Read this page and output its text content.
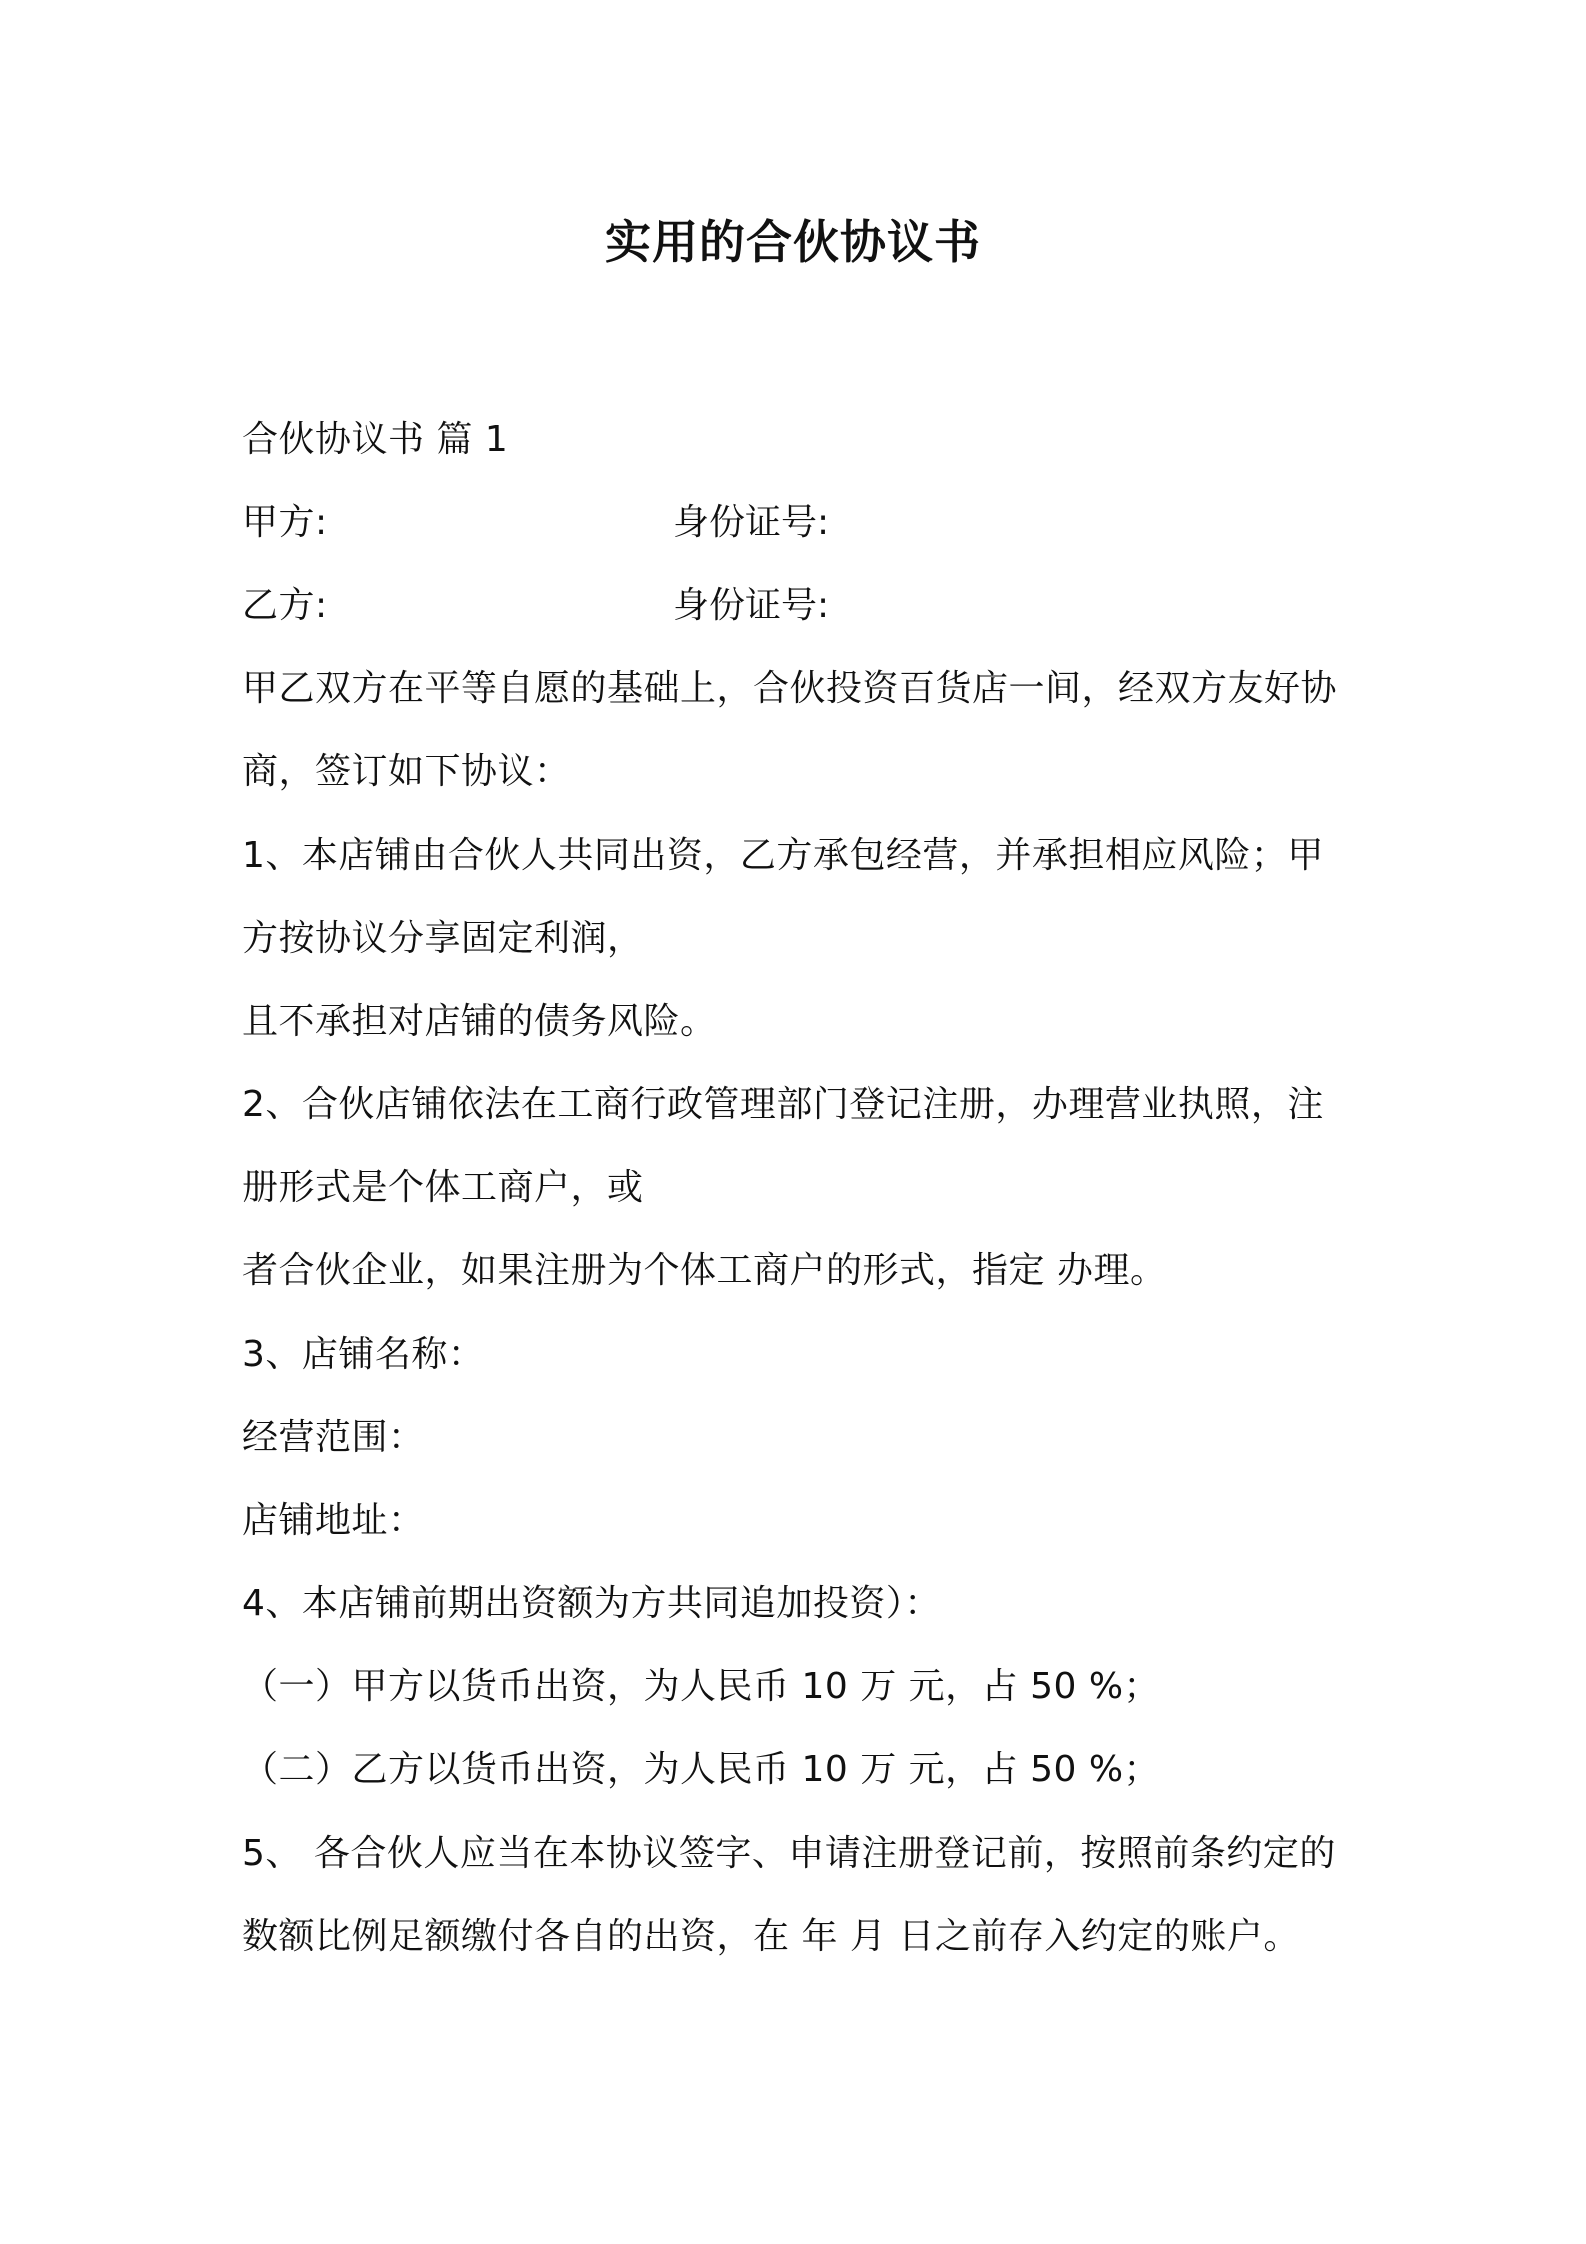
实用的合伙协议书
合伙协议书 篇 1
甲方:	身份证号:
乙方:	身份证号:
甲乙双方在平等自愿的基础上，合伙投资百货店一间，经双方友好协
商，签订如下协议：
1、本店铺由合伙人共同出资，乙方承包经营，并承担相应风险；甲
方按协议分享固定利润，
且不承担对店铺的债务风险。
2、合伙店铺依法在工商行政管理部门登记注册，办理营业执照，注
册形式是个体工商户，或
者合伙企业，如果注册为个体工商户的形式，指定 办理。
3、店铺名称：
经营范围：
店铺地址：
4、本店铺前期出资额为方共同追加投资）：
（一）甲方以货币出资，为人民币 10 万 元，占 50 %；
（二）乙方以货币出资，为人民币 10 万 元，占 50 %；
5、 各合伙人应当在本协议签字、申请注册登记前，按照前条约定的
数额比例足额缴付各自的出资，在 年 月 日之前存入约定的账户。
